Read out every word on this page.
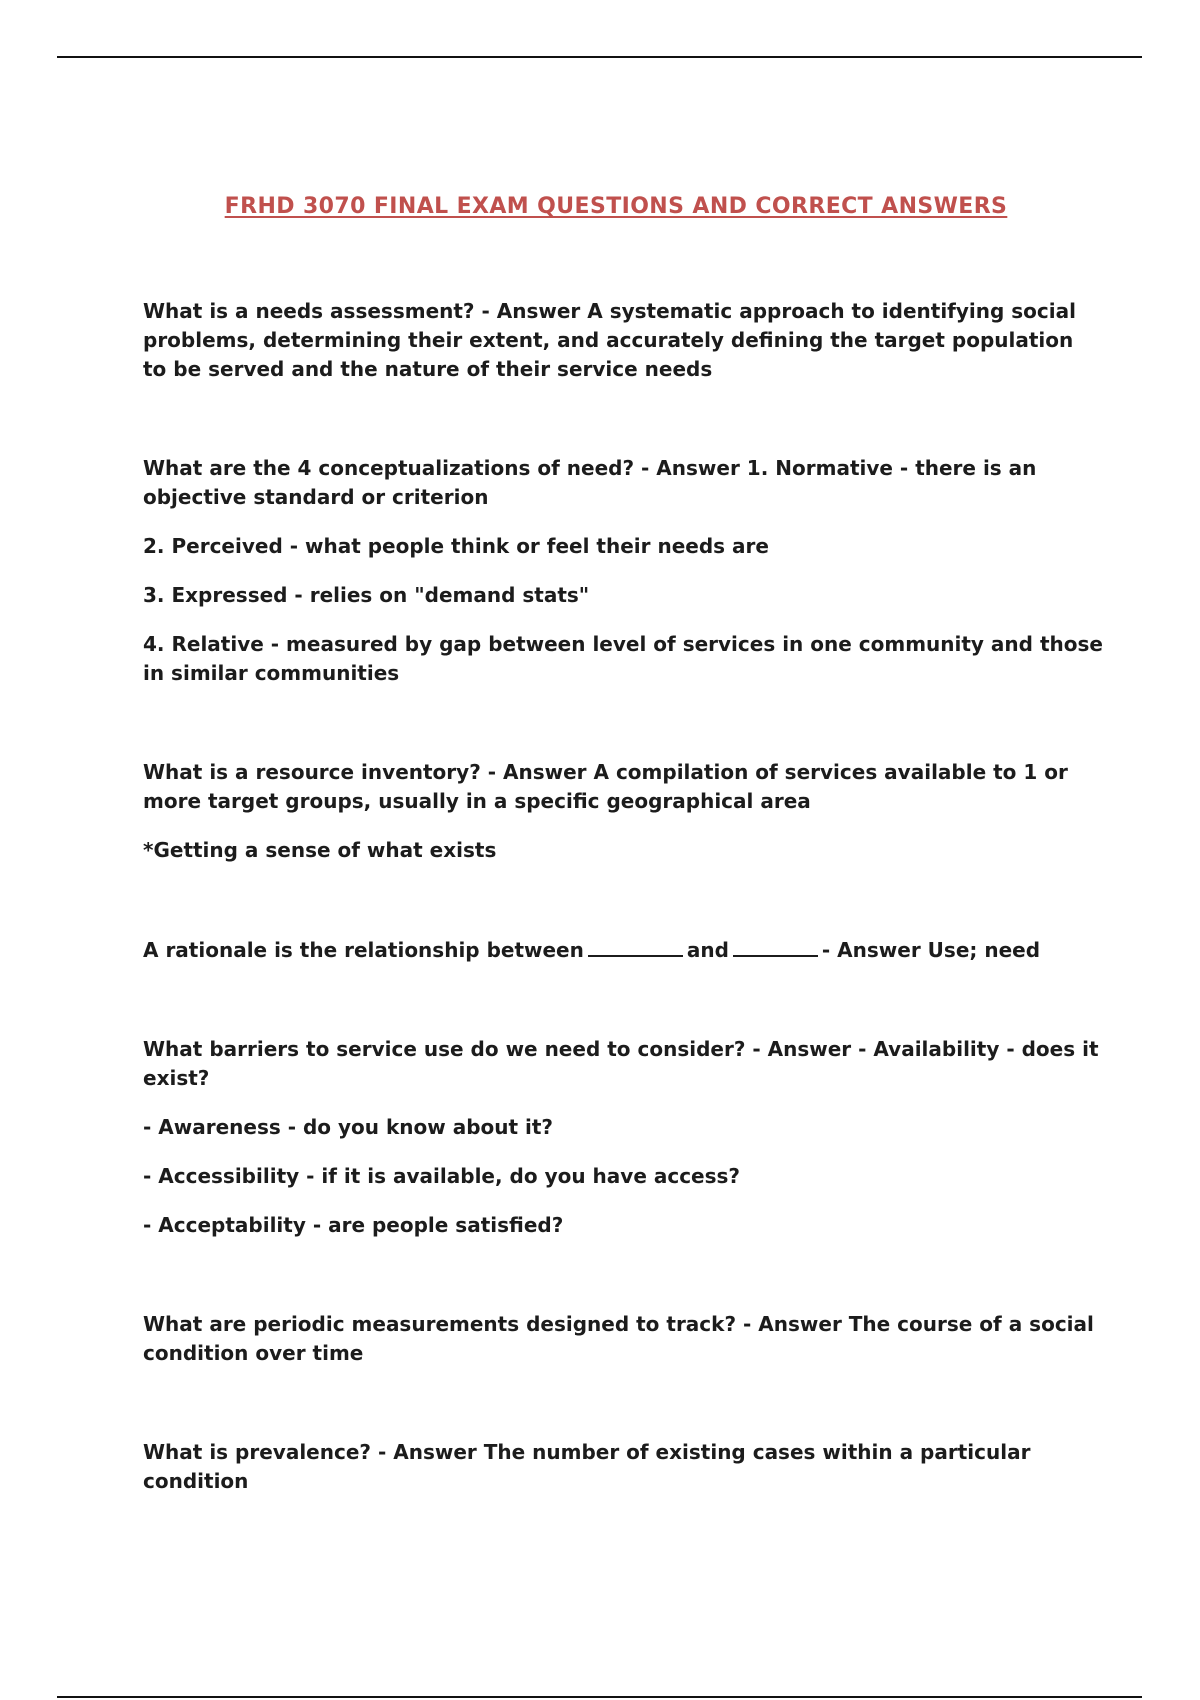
FRHD 3070 FINAL EXAM QUESTIONS AND CORRECT ANSWERS

What is a needs assessment? - Answer A systematic approach to identifying social problems, determining their extent, and accurately defining the target population to be served and the nature of their service needs

What are the 4 conceptualizations of need? - Answer 1. Normative - there is an objective standard or criterion

2. Perceived - what people think or feel their needs are

3. Expressed - relies on "demand stats"

4. Relative - measured by gap between level of services in one community and those in similar communities

What is a resource inventory? - Answer A compilation of services available to 1 or more target groups, usually in a specific geographical area

*Getting a sense of what exists

A rationale is the relationship between	and	- Answer Use; need

What barriers to service use do we need to consider? - Answer - Availability - does it exist?

- Awareness - do you know about it?

- Accessibility - if it is available, do you have access?

- Acceptability - are people satisfied?

What are periodic measurements designed to track? - Answer The course of a social condition over time

What is prevalence? - Answer The number of existing cases within a particular condition
